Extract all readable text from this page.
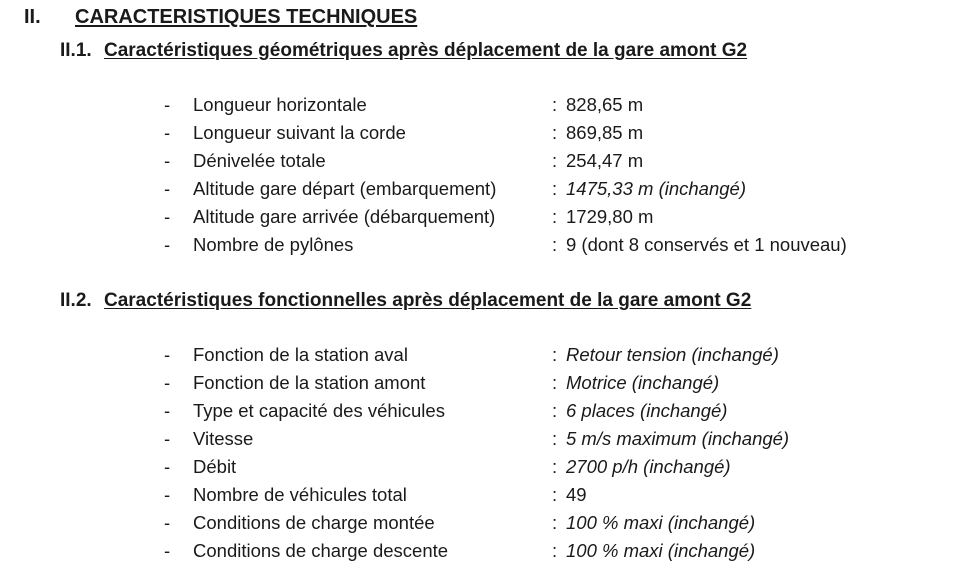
II. CARACTERISTIQUES TECHNIQUES
II.1. Caractéristiques géométriques après déplacement de la gare amont G2
- Longueur horizontale	: 828,65 m
- Longueur suivant la corde	: 869,85 m
- Dénivelée totale	: 254,47 m
- Altitude gare départ (embarquement)	: 1475,33 m (inchangé)
- Altitude gare arrivée (débarquement)	: 1729,80 m
- Nombre de pylônes	: 9 (dont 8 conservés et 1 nouveau)
II.2. Caractéristiques fonctionnelles après déplacement de la gare amont G2
- Fonction de la station aval	: Retour tension (inchangé)
- Fonction de la station amont	: Motrice (inchangé)
- Type et capacité des véhicules	: 6 places (inchangé)
- Vitesse	: 5 m/s maximum (inchangé)
- Débit	: 2700 p/h (inchangé)
- Nombre de véhicules total	: 49
- Conditions de charge montée	: 100 % maxi (inchangé)
- Conditions de charge descente	: 100 % maxi (inchangé)
